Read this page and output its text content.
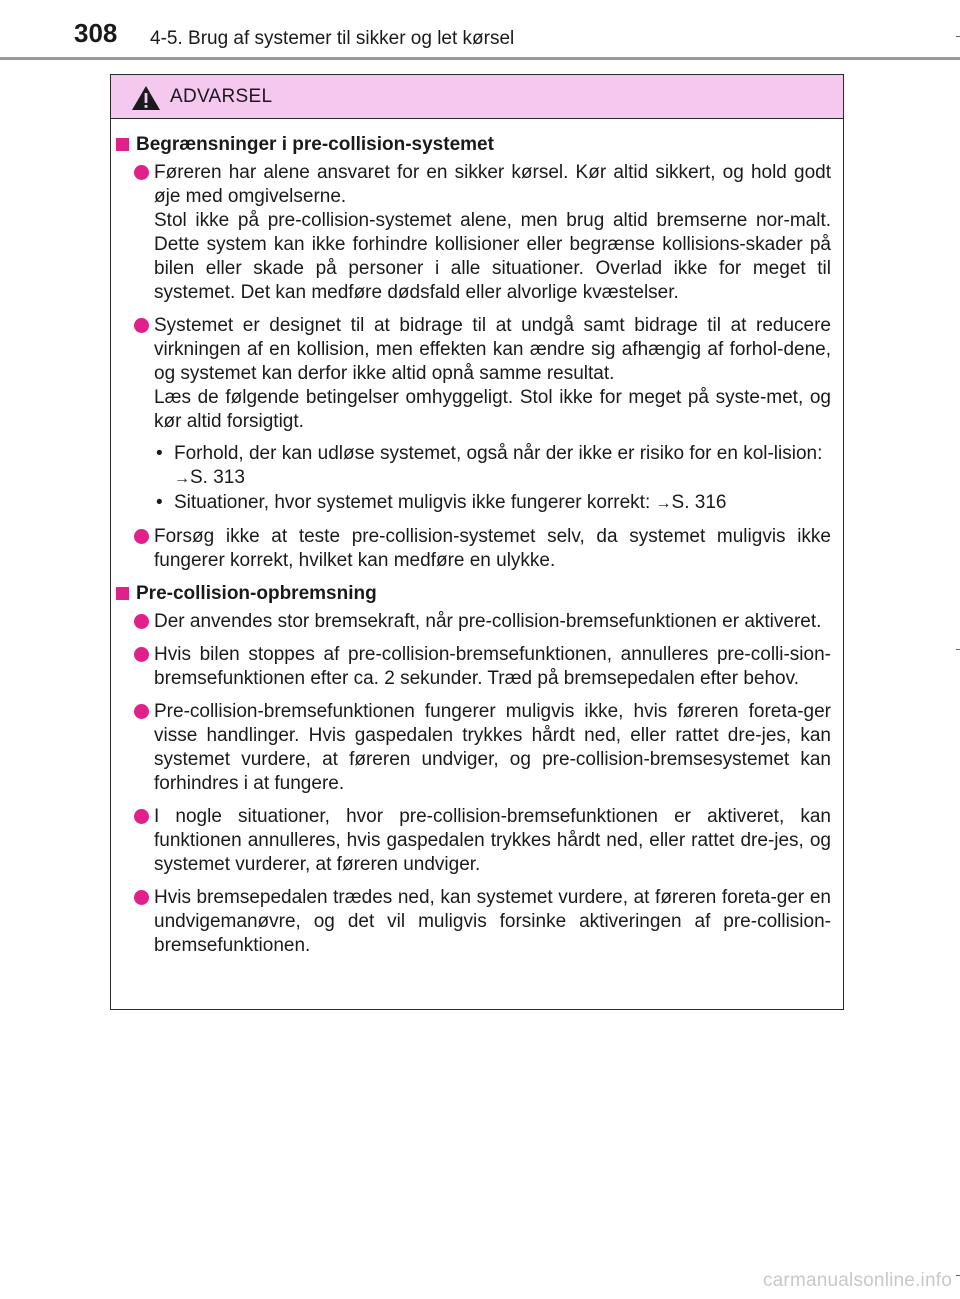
308 4-5. Brug af systemer til sikker og let kørsel
ADVARSEL
Begrænsninger i pre-collision-systemet

Føreren har alene ansvaret for en sikker kørsel. Kør altid sikkert, og hold godt øje med omgivelserne.

Stol ikke på pre-collision-systemet alene, men brug altid bremserne nor-malt. Dette system kan ikke forhindre kollisioner eller begrænse kollisions-skader på bilen eller skade på personer i alle situationer. Overlad ikke for meget til systemet. Det kan medføre dødsfald eller alvorlige kvæstelser.

Systemet er designet til at bidrage til at undgå samt bidrage til at reducere virkningen af en kollision, men effekten kan ændre sig afhængig af forhol-dene, og systemet kan derfor ikke altid opnå samme resultat.

Læs de følgende betingelser omhyggeligt. Stol ikke for meget på syste-met, og kør altid forsigtigt.

• Forhold, der kan udløse systemet, også når der ikke er risiko for en kol-lision: →S. 313
• Situationer, hvor systemet muligvis ikke fungerer korrekt: →S. 316

Forsøg ikke at teste pre-collision-systemet selv, da systemet muligvis ikke fungerer korrekt, hvilket kan medføre en ulykke.

Pre-collision-opbremsning

Der anvendes stor bremsekraft, når pre-collision-bremsefunktionen er aktiveret.

Hvis bilen stoppes af pre-collision-bremsefunktionen, annulleres pre-colli-sion-bremsefunktionen efter ca. 2 sekunder. Træd på bremsepedalen efter behov.

Pre-collision-bremsefunktionen fungerer muligvis ikke, hvis føreren foreta-ger visse handlinger. Hvis gaspedalen trykkes hårdt ned, eller rattet dre-jes, kan systemet vurdere, at føreren undviger, og pre-collision-bremsesystemet kan forhindres i at fungere.

I nogle situationer, hvor pre-collision-bremsefunktionen er aktiveret, kan funktionen annulleres, hvis gaspedalen trykkes hårdt ned, eller rattet dre-jes, og systemet vurderer, at føreren undviger.

Hvis bremsepedalen trædes ned, kan systemet vurdere, at føreren foreta-ger en undvigemanøvre, og det vil muligvis forsinke aktiveringen af pre-collision-bremsefunktionen.

carmanualsonline.info
